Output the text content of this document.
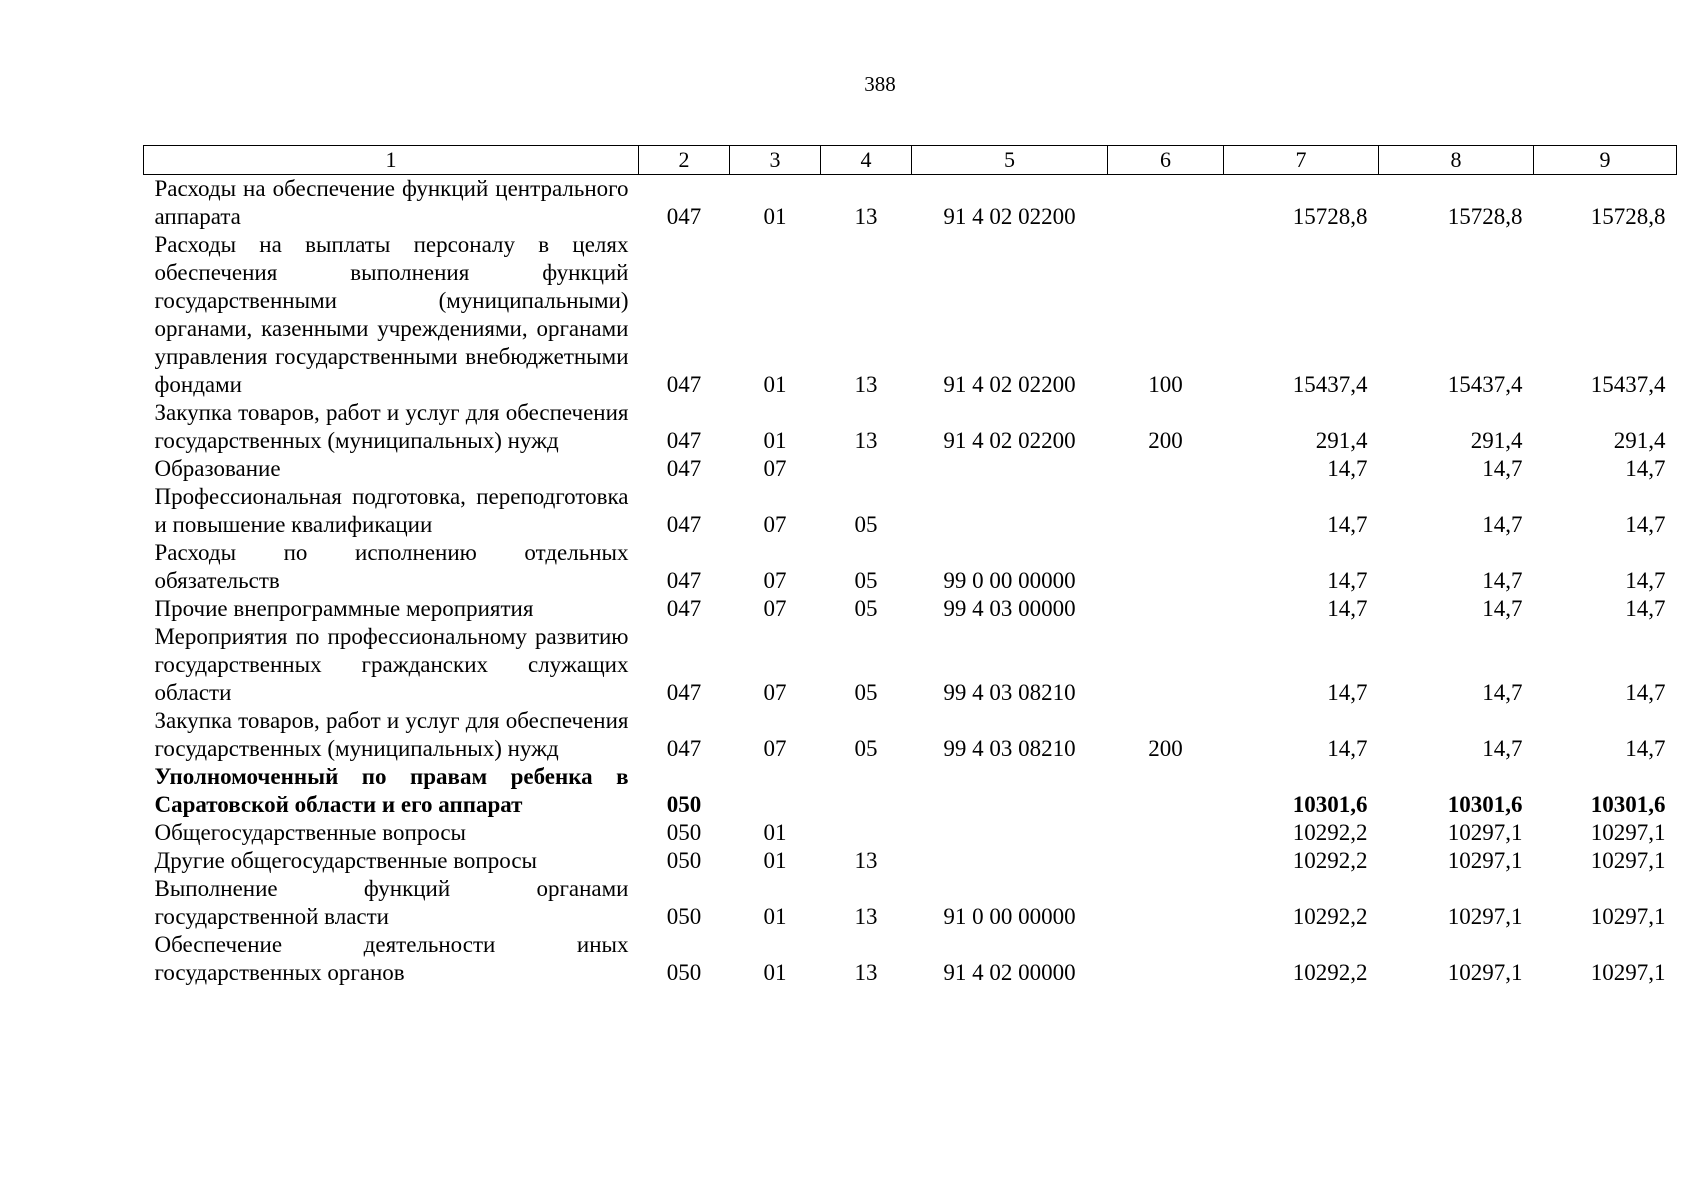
388
1	2	3	4	5	6	7	8	9
Расходы на обеспечение функций центрального аппарата	047	01	13	91 4 02 02200		15728,8	15728,8	15728,8
Расходы на выплаты персоналу в целях обеспечения выполнения функций государственными (муниципальными) органами, казенными учреждениями, органами управления государственными внебюджетными фондами	047	01	13	91 4 02 02200	100	15437,4	15437,4	15437,4
Закупка товаров, работ и услуг для обеспечения государственных (муниципальных) нужд	047	01	13	91 4 02 02200	200	291,4	291,4	291,4
Образование	047	07				14,7	14,7	14,7
Профессиональная подготовка, переподготовка и повышение квалификации	047	07	05			14,7	14,7	14,7
Расходы по исполнению отдельных обязательств	047	07	05	99 0 00 00000		14,7	14,7	14,7
Прочие внепрограммные мероприятия	047	07	05	99 4 03 00000		14,7	14,7	14,7
Мероприятия по профессиональному развитию государственных гражданских служащих области	047	07	05	99 4 03 08210		14,7	14,7	14,7
Закупка товаров, работ и услуг для обеспечения государственных (муниципальных) нужд	047	07	05	99 4 03 08210	200	14,7	14,7	14,7
Уполномоченный по правам ребенка в Саратовской области и его аппарат	050					10301,6	10301,6	10301,6
Общегосударственные вопросы	050	01				10292,2	10297,1	10297,1
Другие общегосударственные вопросы	050	01	13			10292,2	10297,1	10297,1
Выполнение функций органами государственной власти	050	01	13	91 0 00 00000		10292,2	10297,1	10297,1
Обеспечение деятельности иных государственных органов	050	01	13	91 4 02 00000		10292,2	10297,1	10297,1
